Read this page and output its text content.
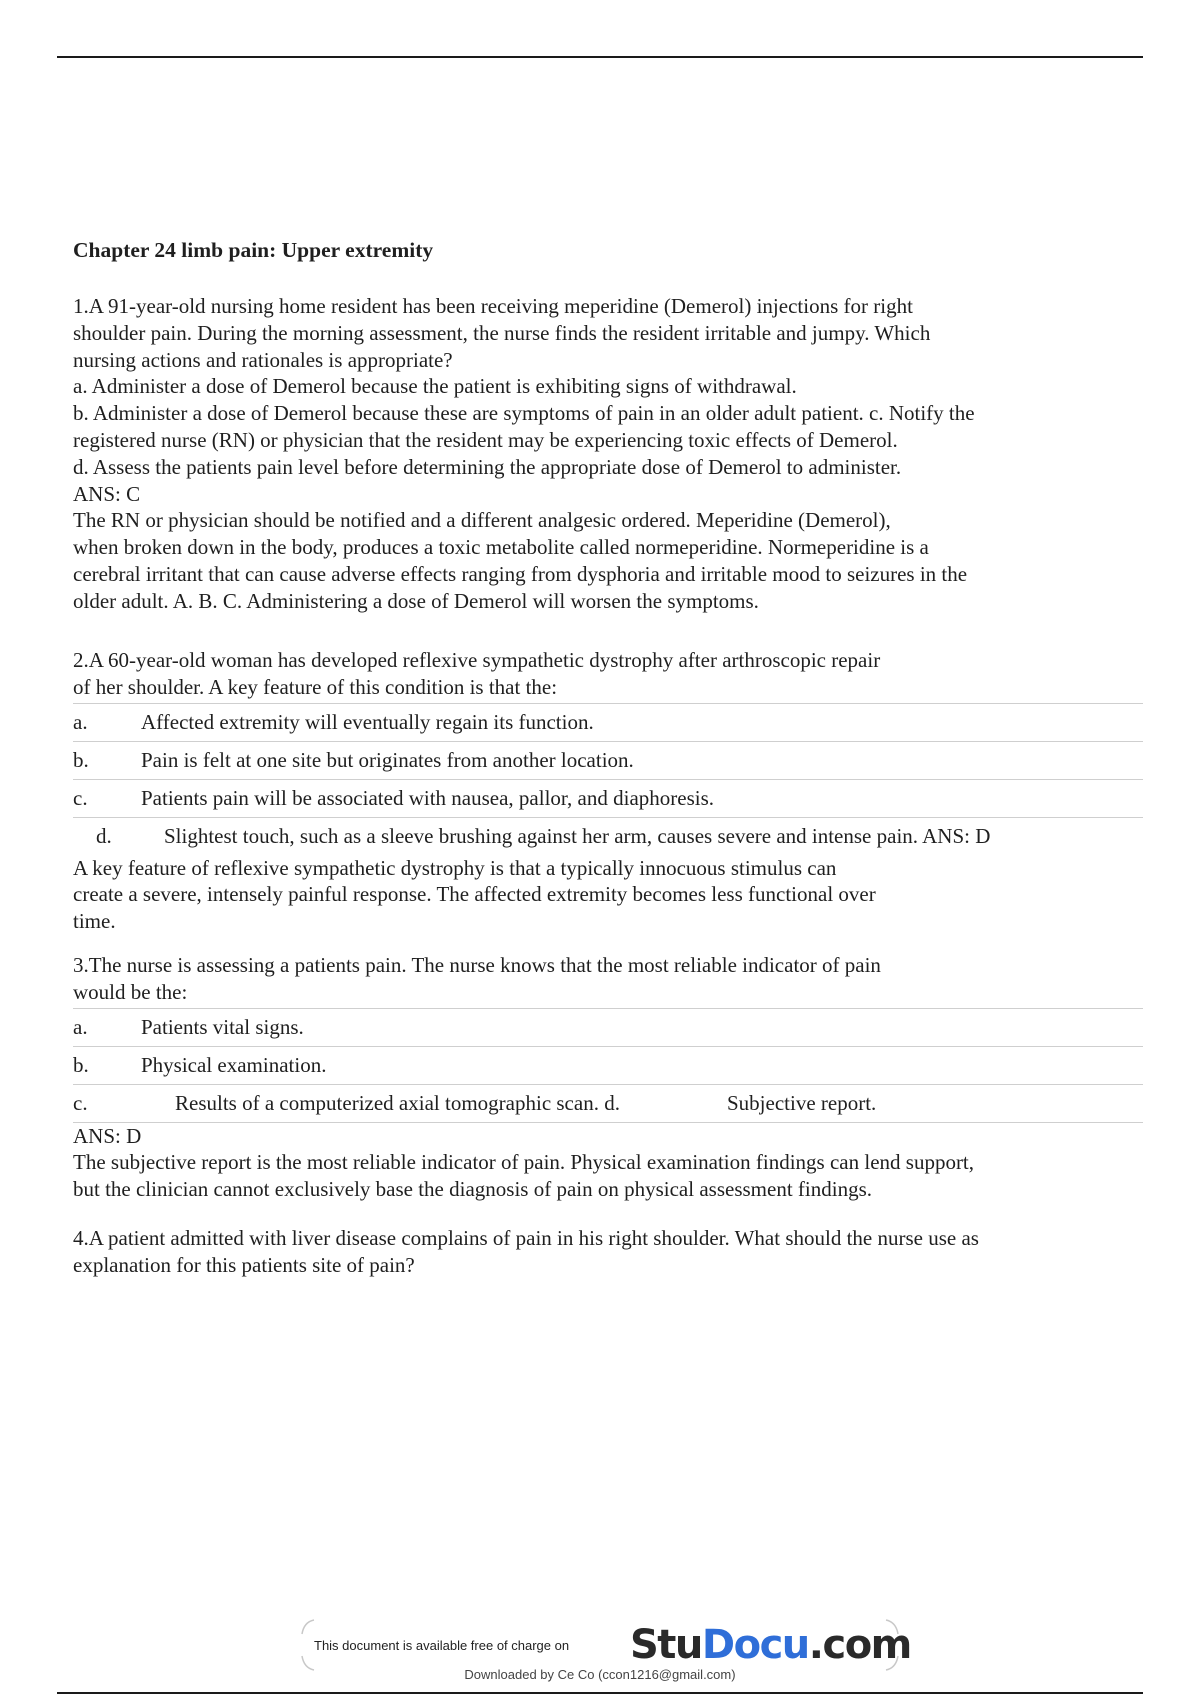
Chapter 24 limb pain: Upper extremity

1.A 91-year-old nursing home resident has been receiving meperidine (Demerol) injections for right

shoulder pain. During the morning assessment, the nurse finds the resident irritable and jumpy. Which

nursing actions and rationales is appropriate?

a. Administer a dose of Demerol because the patient is exhibiting signs of withdrawal.

b. Administer a dose of Demerol because these are symptoms of pain in an older adult patient. c. Notify the

registered nurse (RN) or physician that the resident may be experiencing toxic effects of Demerol.

d. Assess the patients pain level before determining the appropriate dose of Demerol to administer.

ANS: C

The RN or physician should be notified and a different analgesic ordered. Meperidine (Demerol),

when broken down in the body, produces a toxic metabolite called normeperidine. Normeperidine is a

cerebral irritant that can cause adverse effects ranging from dysphoria and irritable mood to seizures in the

older adult. A. B. C. Administering a dose of Demerol will worsen the symptoms.

2.A 60-year-old woman has developed reflexive sympathetic dystrophy after arthroscopic repair

of her shoulder. A key feature of this condition is that the:

a.	Affected extremity will eventually regain its function.
b. Pain is felt at one site but originates from another location.
c.	Patients pain will be associated with nausea, pallor, and diaphoresis.
d. Slightest touch, such as a sleeve brushing against her arm, causes severe and intense pain. ANS: D

A key feature of reflexive sympathetic dystrophy is that a typically innocuous stimulus can

create a severe, intensely painful response. The affected extremity becomes less functional over

time.

3.The nurse is assessing a patients pain. The nurse knows that the most reliable indicator of pain

would be the:

a.	Patients vital signs.
b. Physical examination.
c.	Results of a computerized axial tomographic scan. d.	Subjective report.

ANS: D

The subjective report is the most reliable indicator of pain. Physical examination findings can lend support,

but the clinician cannot exclusively base the diagnosis of pain on physical assessment findings.

4.A patient admitted with liver disease complains of pain in his right shoulder. What should the nurse use as

explanation for this patients site of pain?

This document is available free of charge on StuDocu.com
Downloaded by Ce Co (ccon1216@gmail.com)
